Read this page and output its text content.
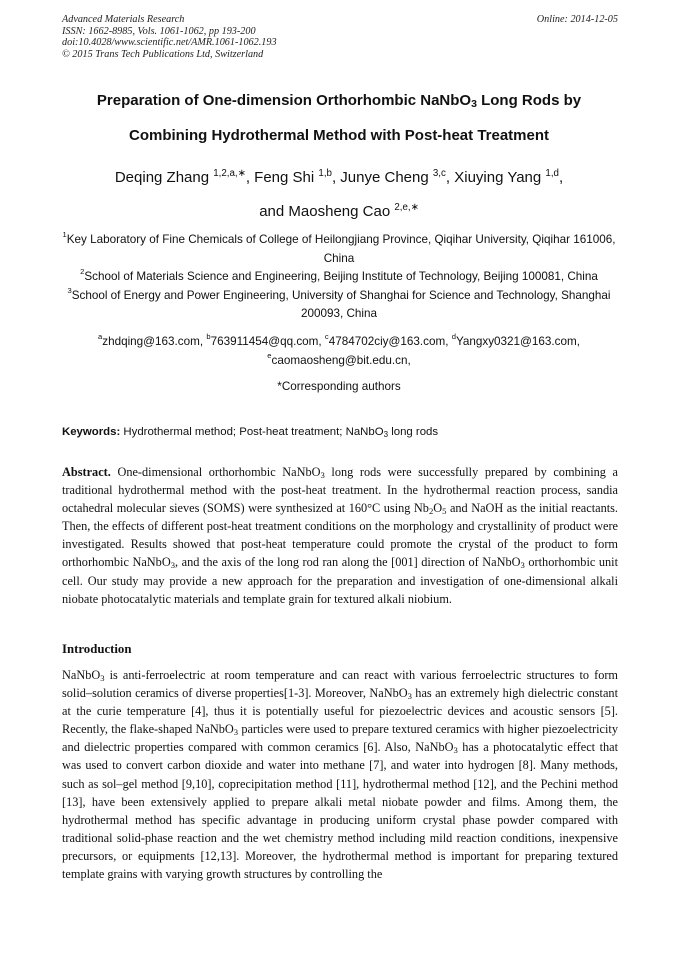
Advanced Materials Research
ISSN: 1662-8985, Vols. 1061-1062, pp 193-200
doi:10.4028/www.scientific.net/AMR.1061-1062.193
© 2015 Trans Tech Publications Ltd, Switzerland
Online: 2014-12-05
Preparation of One-dimension Orthorhombic NaNbO$_3$ Long Rods by
Combining Hydrothermal Method with Post-heat Treatment
Deqing Zhang $^{1,2,a,∗}$, Feng Shi $^{1,b}$, Junye Cheng $^{3,c}$, Xiuying Yang $^{1,d}$,
and Maosheng Cao $^{2,e,∗}$

$^1$Key Laboratory of Fine Chemicals of College of Heilongjiang Province, Qiqihar University, Qiqihar 161006, China

$^2$School of Materials Science and Engineering, Beijing Institute of Technology, Beijing 100081, China

$^3$School of Energy and Power Engineering, University of Shanghai for Science and Technology, Shanghai 200093, China

$^a$zhdqing@163.com, $^b$763911454@qq.com, $^c$4784702ciy@163.com, $^d$Yangxy0321@163.com,
$^e$caomaosheng@bit.edu.cn,

*Corresponding authors

Keywords: Hydrothermal method; Post-heat treatment; NaNbO$_3$ long rods
Abstract. One-dimensional orthorhombic NaNbO$_3$ long rods were successfully prepared by combining a traditional hydrothermal method with the post-heat treatment. In the hydrothermal reaction process, sandia octahedral molecular sieves (SOMS) were synthesized at 160°C using $Nb_2O_5$ and NaOH as the initial reactants. Then, the effects of different post-heat treatment conditions on the morphology and crystallinity of product were investigated. Results showed that post-heat temperature could promote the crystal of the product to form orthorhombic NaNbO$_3$, and the axis of the long rod ran along the [001] direction of NaNbO$_3$ orthorhombic unit cell. Our study may provide a new approach for the preparation and investigation of one-dimensional alkali niobate photocatalytic materials and template grain for textured alkali niobium.
Introduction
NaNbO$_3$ is anti-ferroelectric at room temperature and can react with various ferroelectric structures to form solid–solution ceramics of diverse properties[1-3]. Moreover, NaNbO$_3$ has an extremely high dielectric constant at the curie temperature [4], thus it is potentially useful for piezoelectric devices and acoustic sensors [5]. Recently, the flake-shaped NaNbO$_3$ particles were used to prepare textured ceramics with higher piezoelectricity and dielectric properties compared with common ceramics [6]. Also, NaNbO$_3$ has a photocatalytic effect that was used to convert carbon dioxide and water into methane [7], and water into hydrogen [8]. Many methods, such as sol–gel method [9,10], coprecipitation method [11], hydrothermal method [12], and the Pechini method [13], have been extensively applied to prepare alkali metal niobate powder and films. Among them, the hydrothermal method has specific advantage in producing uniform crystal phase powder compared with traditional solid-phase reaction and the wet chemistry method including mild reaction conditions, inexpensive precursors, or equipments [12,13]. Moreover, the hydrothermal method is important for preparing textured template grains with varying growth structures by controlling the
